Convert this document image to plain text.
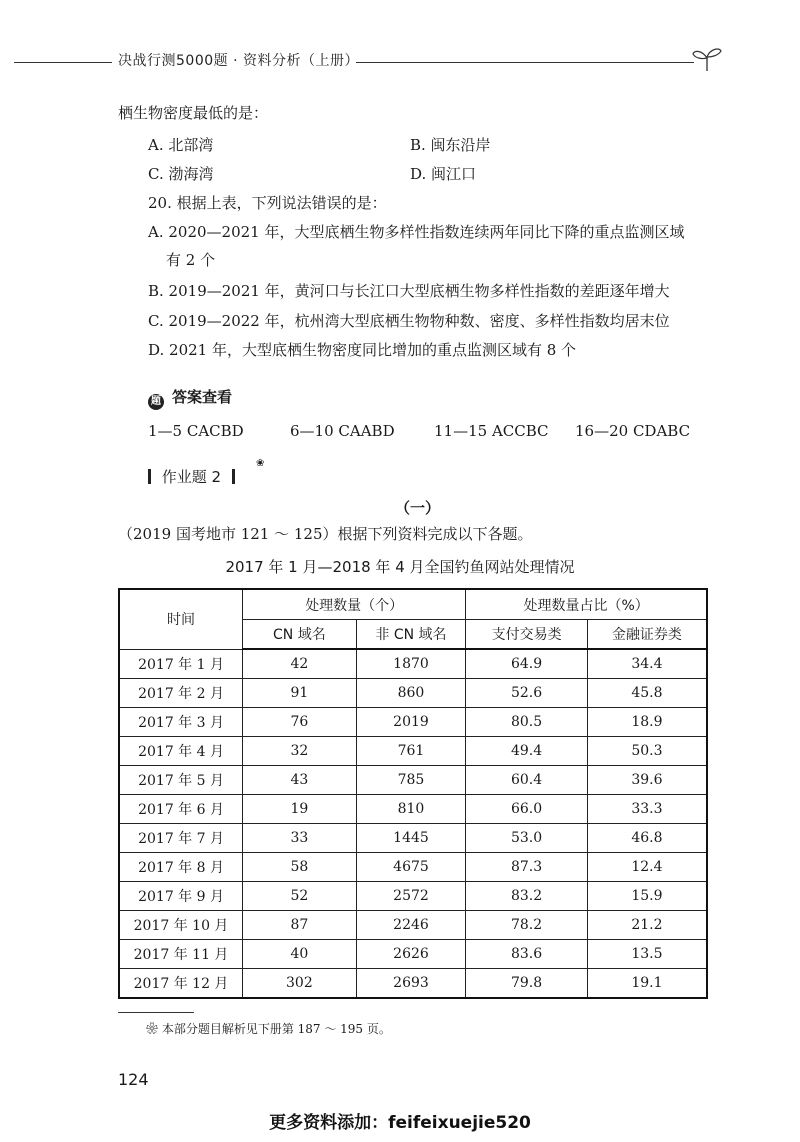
决战行测5000题 · 资料分析（上册）
栖生物密度最低的是：
A. 北部湾	B. 闽东沿岸
C. 渤海湾	D. 闽江口
20. 根据上表，下列说法错误的是：
A. 2020—2021 年，大型底栖生物多样性指数连续两年同比下降的重点监测区域
有 2 个
B. 2019—2021 年，黄河口与长江口大型底栖生物多样性指数的差距逐年增大
C. 2019—2022 年，杭州湾大型底栖生物物种数、密度、多样性指数均居末位
D. 2021 年，大型底栖生物密度同比增加的重点监测区域有 8 个
题 答案查看
1—5 CACBD	6—10 CAABD	11—15 ACCBC 16—20 CDABC
作业题 2
❀
（一）
（2019 国考地市 121 ～ 125）根据下列资料完成以下各题。
2017 年 1 月—2018 年 4 月全国钓鱼网站处理情况
时间	处理数量（个）		处理数量占比（%）	
	CN 域名	非 CN 域名	支付交易类	金融证券类
2017 年 1 月	42	1870	64.9	34.4
2017 年 2 月	91	860	52.6	45.8
2017 年 3 月	76	2019	80.5	18.9
2017 年 4 月	32	761	49.4	50.3
2017 年 5 月	43	785	60.4	39.6
2017 年 6 月	19	810	66.0	33.3
2017 年 7 月	33	1445	53.0	46.8
2017 年 8 月	58	4675	87.3	12.4
2017 年 9 月	52	2572	83.2	15.9
2017 年 10 月	87	2246	78.2	21.2
2017 年 11 月	40	2626	83.6	13.5
2017 年 12 月	302	2693	79.8	19.1
❀ 本部分题目解析见下册第 187 ～ 195 页。
124
更多资料添加：feifeixuejie520
